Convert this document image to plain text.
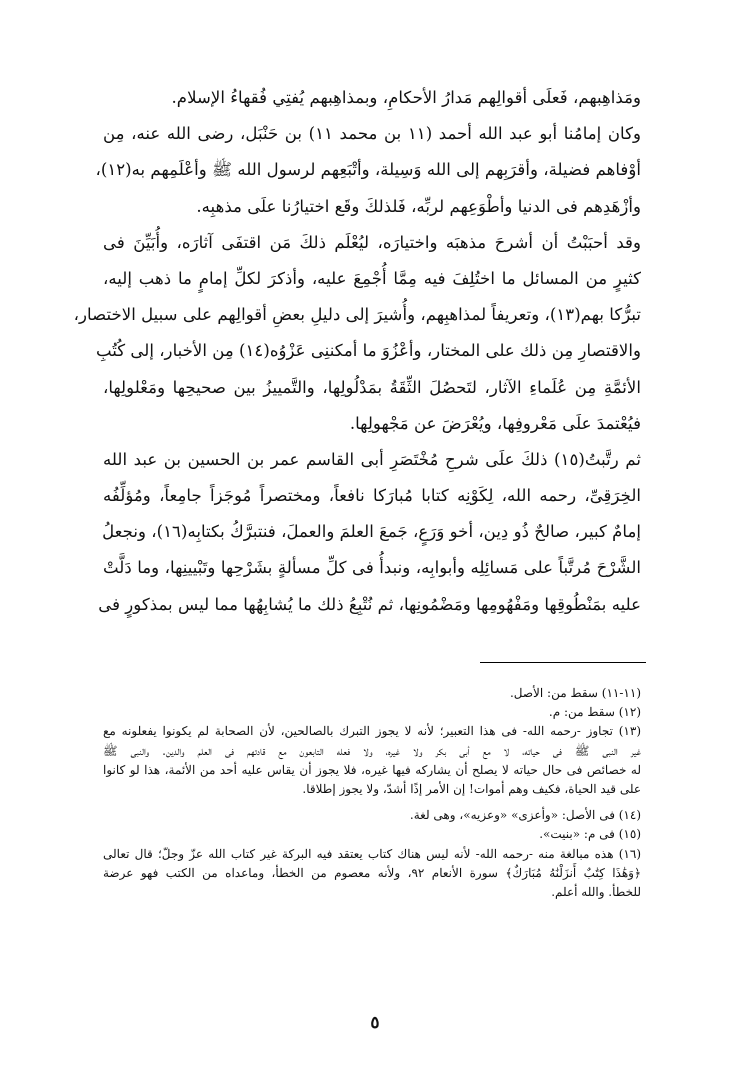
ومَذاهِبهم، فَعلَى أقوالِهم مَدارُ الأحكامِ، وبمذاهِبهم يُفتِي فُقهاءُ الإسلام.
وكان إمامُنا أبو عبد الله أحمد (١١ بن محمد ١١) بن حَنْبَل، رضى الله عنه، مِن
أوْفاهم فضيلة، وأقرَبِهم إلى الله وَسِيلة، وأتْبَعِهم لرسول الله ﷺ وأعْلَمِهم به(١٢)،
وأزْهَدِهم فى الدنيا وأطْوَعِهم لربِّه، فَلذلكَ وقَع اختيارُنا علَى مذهبِه.
وقد أحبَبْتُ أن أشرحَ مذهبَه واختيارَه، ليُعْلَم ذلكَ مَن اقتفَى آثارَه، وأُبَيِّنَ فى
كثيرٍ من المسائل ما اختُلِفَ فيه مِمَّا أُجْمِعَ عليه، وأذكرَ لكلِّ إمامٍ ما ذهب إليه،
تبرُّكا بهم(١٣)، وتعريفاً لمذاهبِهم، وأُشيرَ إلى دليلِ بعضِ أقوالِهم على سبيل الاختصار،
والاقتصارِ مِن ذلك على المختار، وأعْزُوَ ما أمكننِى عَزْوُه(١٤) مِن الأخبار، إلى كُتُبِ
الأئمَّةِ مِن عُلَماءِ الآثار، لتَحصُلَ الثِّقَةُ بمَدْلُولِها، والتَّمييزُ بين صحيحِها ومَعْلولِها،
فيُعْتمدَ علَى مَعْروفِها، ويُعْرَضَ عن مَجْهولِها.
ثم رتَّبتُ(١٥) ذلكَ علَى شرحِ مُخْتَصَرِ أبى القاسم عمر بن الحسين بن عبد الله
الخِرَقِىِّ، رحمه الله، لِكَوْنِه كتابا مُبارَكا نافعاً، ومختصراً مُوجَزاً جامِعاً، ومُؤلِّفُه
إمامٌ كبير، صالحٌ ذُو دِين، أخو وَرَعٍ، جَمعَ العلمَ والعملَ، فنتبرَّكُ بكتابِه(١٦)، ونجعلُ
الشَّرْحَ مُرتَّباً على مَسائِلِه وأبوابِه، ونبدأُ فى كلِّ مسألةٍ بشَرْحِها وتَبْيينِها، وما دَلَّتْ
عليه بمَنْطُوقِها ومَفْهُومِها ومَضْمُونِها، ثم نُتْبِعُ ذلك ما يُشابِهُها مما ليس بمذكورٍ فى
(١١-١١) سقط من: الأصل.
(١٢) سقط من: م.
(١٣) تجاوز -رحمه الله- فى هذا التعبير؛ لأنه لا يجوز التبرك بالصالحين، لأن الصحابة لم يكونوا يفعلونه مع
غير النبى ﷺ فى حياته، لا مع أبى بكر ولا غيره، ولا فعله التابعون مع قادتهم فى العلم والدين. والنبى ﷺ
له خصائص فى حال حياته لا يصلح أن يشاركه فيها غيره، فلا يجوز أن يقاس عليه أحد من الأئمة، هذا لو كانوا
على قيد الحياة، فكيف وهم أموات! إن الأمر إذًا أشدّ، ولا يجوز إطلاقا.
(١٤) فى الأصل: «وأعزى» «وعزيه»، وهى لغة.
(١٥) فى م: «بنيت».
(١٦) هذه مبالغة منه -رحمه الله- لأنه ليس هناك كتاب يعتقد فيه البركة غير كتاب الله عزّ وجلّ؛ قال تعالى
﴿وَهَٰذَا كِتَٰبٌ أَنزَلْنَٰهُ مُبَارَكٌ﴾ سورة الأنعام ٩٢، ولأنه معصوم من الخطأ، وماعداه من الكتب فهو عرضة
للخطأ. والله أعلم.
٥
